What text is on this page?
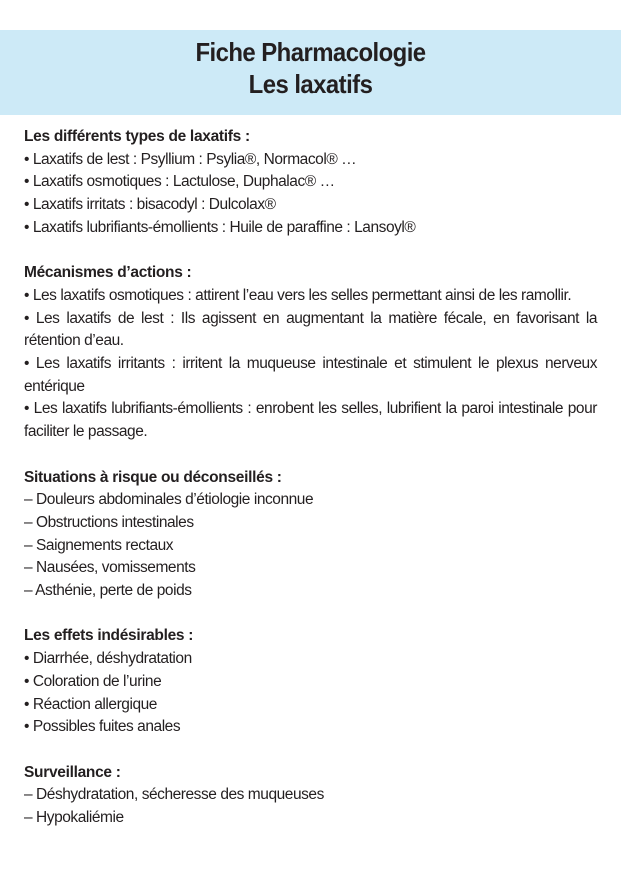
Fiche Pharmacologie
Les laxatifs
Les différents types de laxatifs :
• Laxatifs de lest : Psyllium : Psylia®, Normacol® …
• Laxatifs osmotiques : Lactulose, Duphalac® …
• Laxatifs irritats : bisacodyl : Dulcolax®
• Laxatifs lubrifiants-émollients : Huile de paraffine : Lansoyl®
Mécanismes d’actions :
• Les laxatifs osmotiques : attirent l’eau vers les selles permettant ainsi de les ramollir.
• Les laxatifs de lest : Ils agissent en augmentant la matière fécale, en favorisant la rétention d’eau.
• Les laxatifs irritants : irritent la muqueuse intestinale et stimulent le plexus nerveux entérique
• Les laxatifs lubrifiants-émollients : enrobent les selles, lubrifient la paroi intestinale pour faciliter le passage.
Situations à risque ou déconseillés :
– Douleurs abdominales d’étiologie inconnue
– Obstructions intestinales
– Saignements rectaux
– Nausées, vomissements
– Asthénie, perte de poids
Les effets indésirables :
• Diarrhée, déshydratation
• Coloration de l’urine
• Réaction allergique
• Possibles fuites anales
Surveillance :
– Déshydratation, sécheresse des muqueuses
– Hypokaliémie
